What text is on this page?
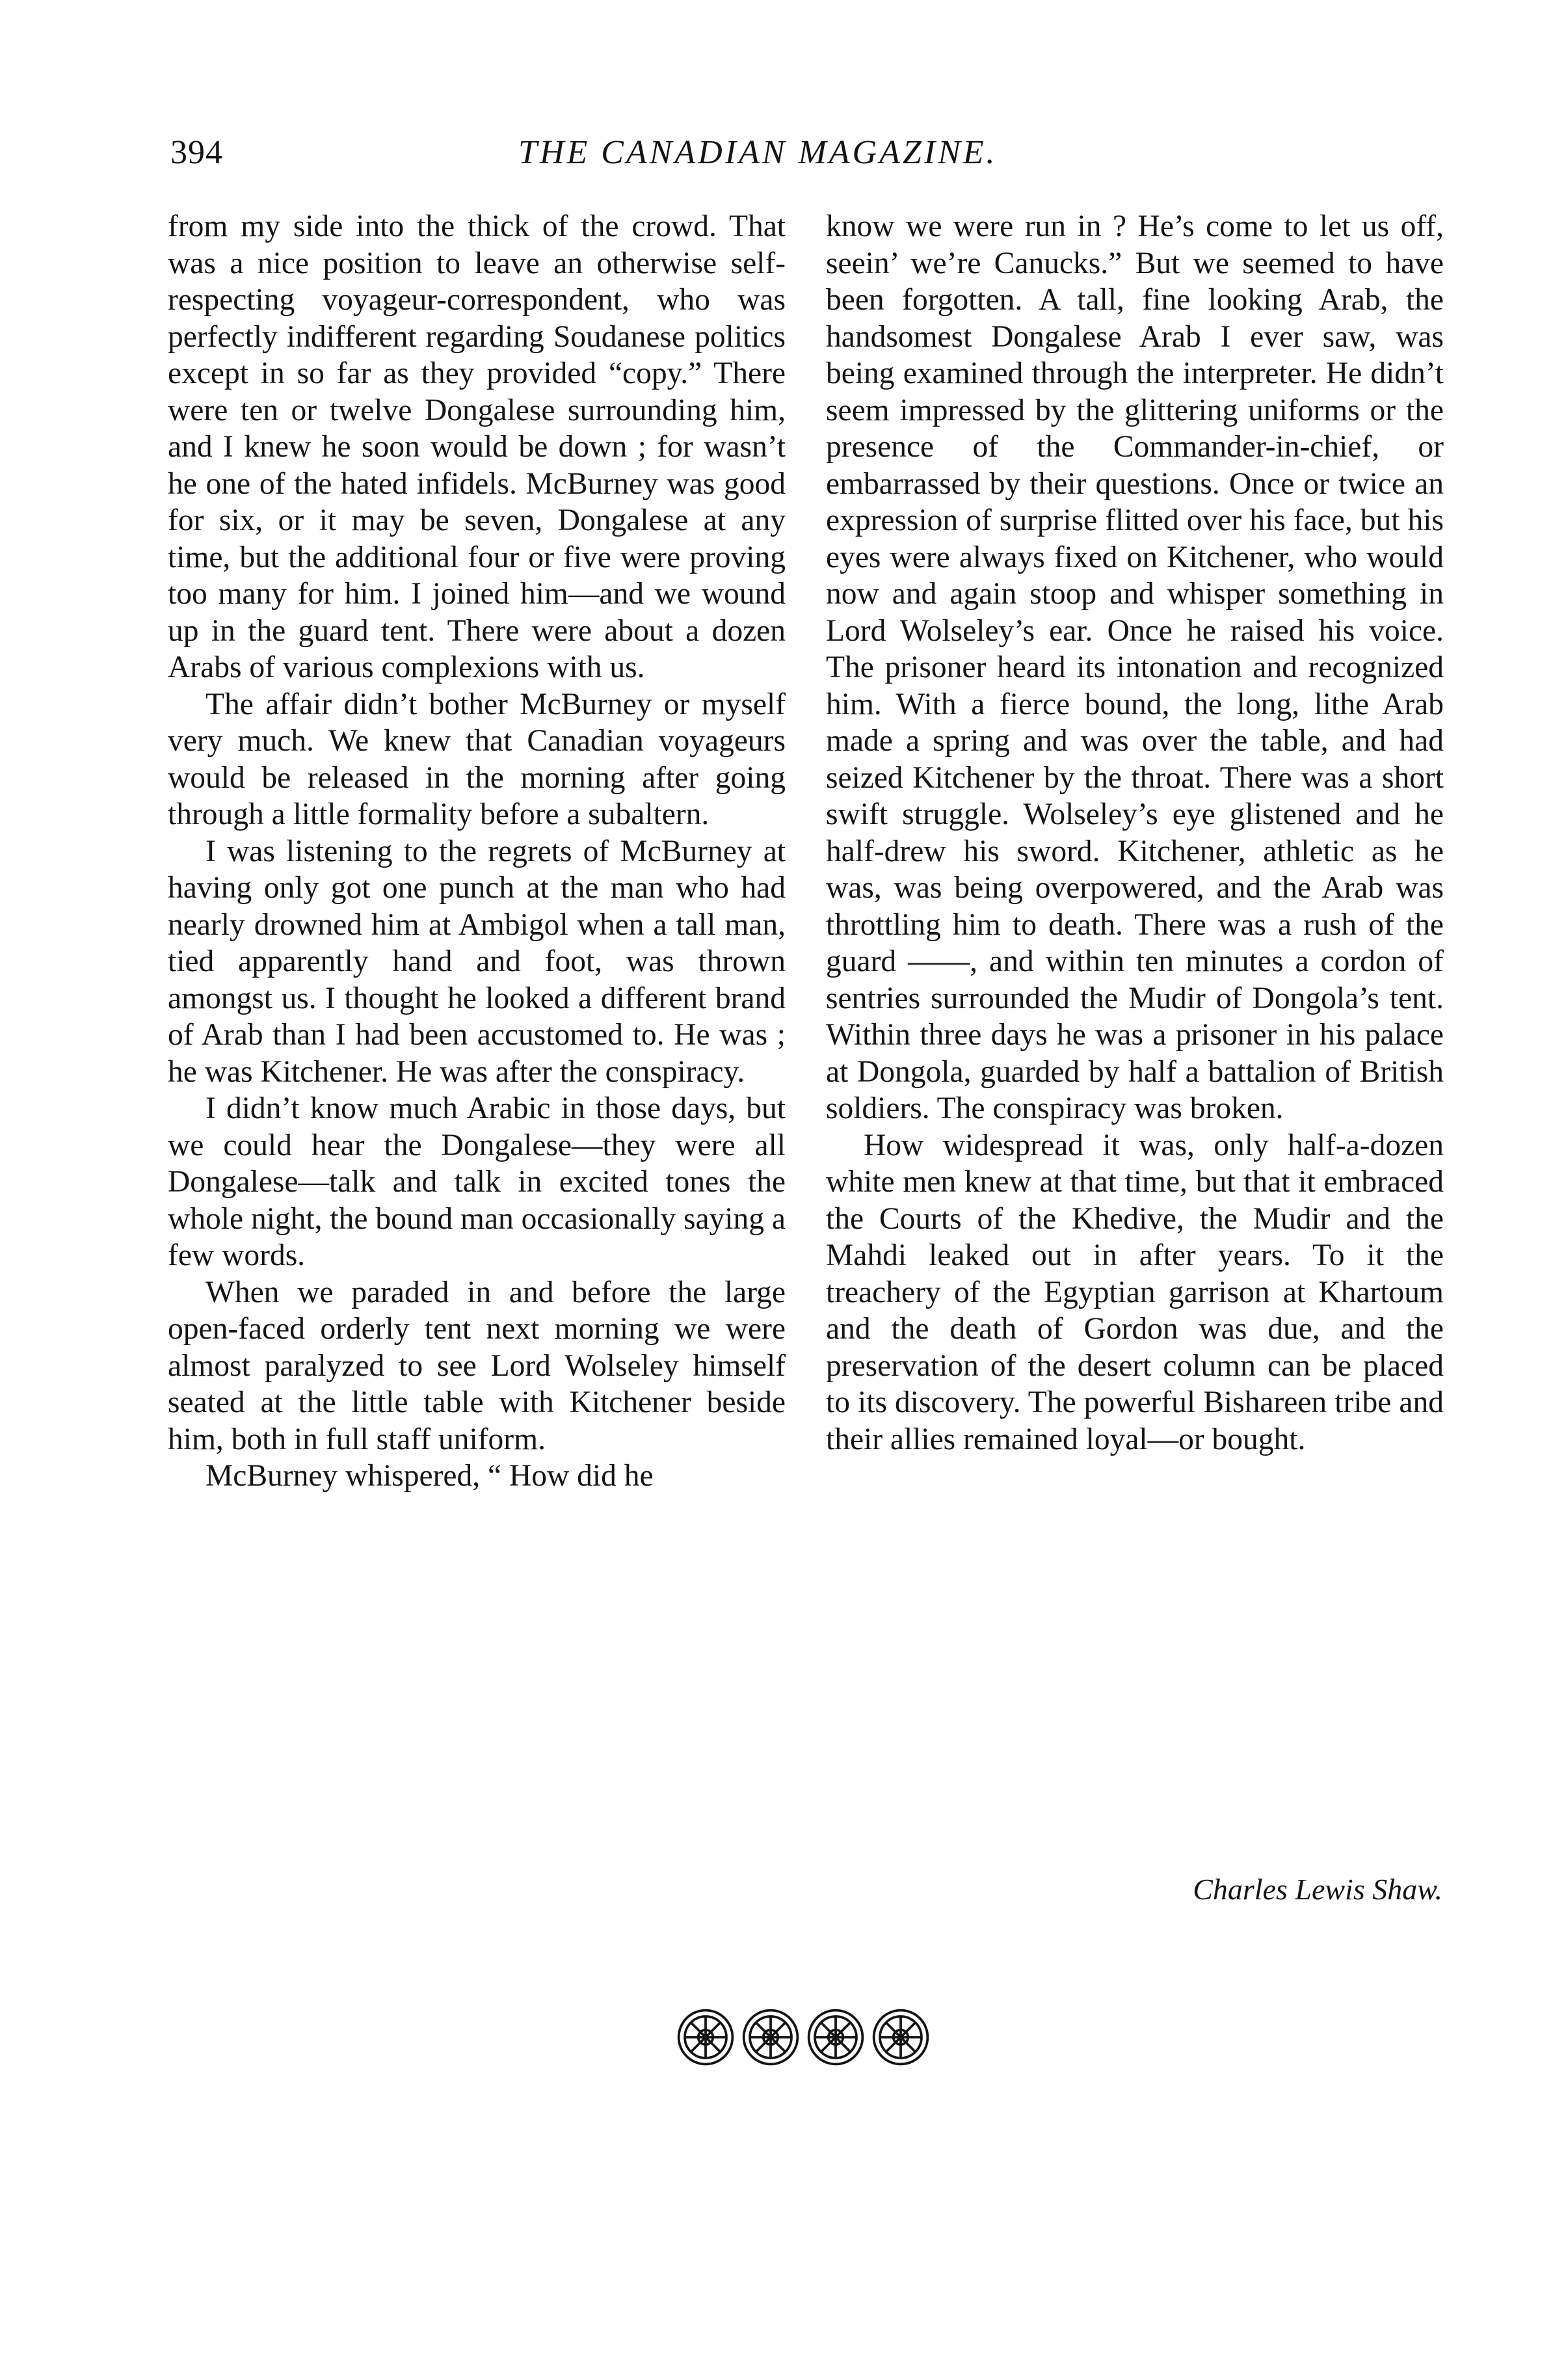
394	THE CANADIAN MAGAZINE.

from my side into the thick of the crowd. That was a nice position to leave an otherwise self-respecting voyageur-correspondent, who was perfectly indifferent regarding Soudanese politics except in so far as they provided “copy.” There were ten or twelve Dongalese surrounding him, and I knew he soon would be down ; for wasn’t he one of the hated infidels. McBurney was good for six, or it may be seven, Dongalese at any time, but the additional four or five were proving too many for him. I joined him—and we wound up in the guard tent. There were about a dozen Arabs of various complexions with us.

The affair didn’t bother McBurney or myself very much. We knew that Canadian voyageurs would be released in the morning after going through a little formality before a subaltern.

I was listening to the regrets of McBurney at having only got one punch at the man who had nearly drowned him at Ambigol when a tall man, tied apparently hand and foot, was thrown amongst us. I thought he looked a different brand of Arab than I had been accustomed to. He was ; he was Kitchener. He was after the conspiracy.

I didn’t know much Arabic in those days, but we could hear the Dongalese—they were all Dongalese—talk and talk in excited tones the whole night, the bound man occasionally saying a few words.

When we paraded in and before the large open-faced orderly tent next morning we were almost paralyzed to see Lord Wolseley himself seated at the little table with Kitchener beside him, both in full staff uniform.

McBurney whispered, “ How did he

know we were run in ? He’s come to let us off, seein’ we’re Canucks.” But we seemed to have been forgotten. A tall, fine looking Arab, the handsomest Dongalese Arab I ever saw, was being examined through the interpreter. He didn’t seem impressed by the glittering uniforms or the presence of the Commander-in-chief, or embarrassed by their questions. Once or twice an expression of surprise flitted over his face, but his eyes were always fixed on Kitchener, who would now and again stoop and whisper something in Lord Wolseley’s ear. Once he raised his voice. The prisoner heard its intonation and recognized him. With a fierce bound, the long, lithe Arab made a spring and was over the table, and had seized Kitchener by the throat. There was a short swift struggle. Wolseley’s eye glistened and he half-drew his sword. Kitchener, athletic as he was, was being overpowered, and the Arab was throttling him to death. There was a rush of the guard ——, and within ten minutes a cordon of sentries surrounded the Mudir of Dongola’s tent. Within three days he was a prisoner in his palace at Dongola, guarded by half a battalion of British soldiers. The conspiracy was broken.

How widespread it was, only half-a-dozen white men knew at that time, but that it embraced the Courts of the Khedive, the Mudir and the Mahdi leaked out in after years. To it the treachery of the Egyptian garrison at Khartoum and the death of Gordon was due, and the preservation of the desert column can be placed to its discovery. The powerful Bishareen tribe and their allies remained loyal—or bought.

Charles Lewis Shaw.
